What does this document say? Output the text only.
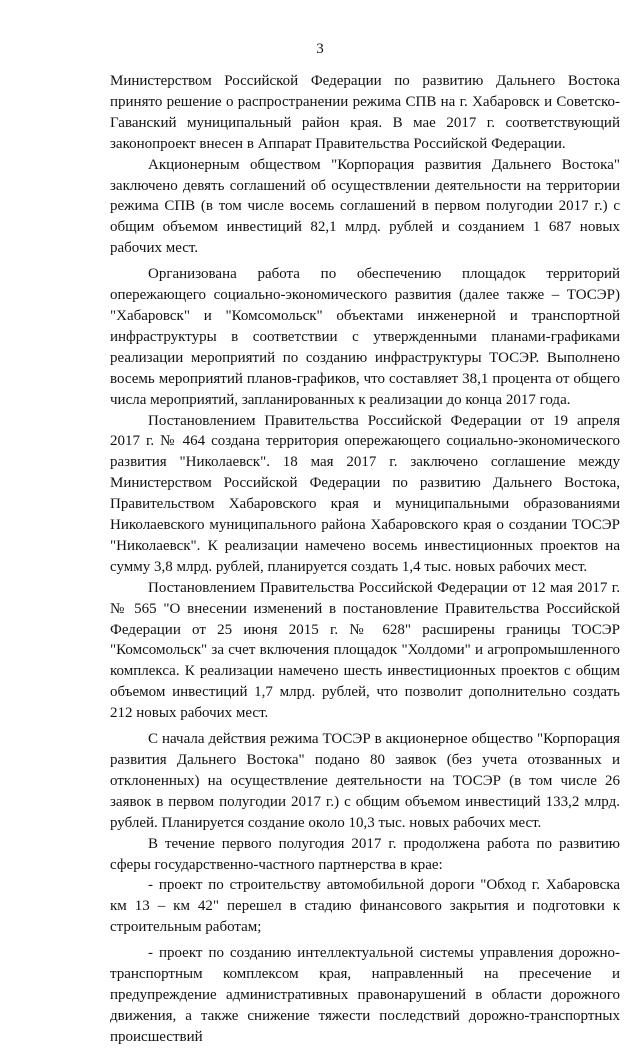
3

Министерством Российской Федерации по развитию Дальнего Востока принято решение о распространении режима СПВ на г. Хабаровск и Советско-Гаванский муниципальный район края. В мае 2017 г. соответствующий законопроект внесен в Аппарат Правительства Российской Федерации.

Акционерным обществом "Корпорация развития Дальнего Востока" заключено девять соглашений об осуществлении деятельности на территории режима СПВ (в том числе восемь соглашений в первом полугодии 2017 г.) с общим объемом инвестиций 82,1 млрд. рублей и созданием 1 687 новых рабочих мест.

Организована работа по обеспечению площадок территорий опережающего социально-экономического развития (далее также – ТОСЭР) "Хабаровск" и "Комсомольск" объектами инженерной и транспортной инфраструктуры в соответствии с утвержденными планами-графиками реализации мероприятий по созданию инфраструктуры ТОСЭР. Выполнено восемь мероприятий планов-графиков, что составляет 38,1 процента от общего числа мероприятий, запланированных к реализации до конца 2017 года.

Постановлением Правительства Российской Федерации от 19 апреля 2017 г. № 464 создана территория опережающего социально-экономического развития "Николаевск". 18 мая 2017 г. заключено соглашение между Министерством Российской Федерации по развитию Дальнего Востока, Правительством Хабаровского края и муниципальными образованиями Николаевского муниципального района Хабаровского края о создании ТОСЭР "Николаевск". К реализации намечено восемь инвестиционных проектов на сумму 3,8 млрд. рублей, планируется создать 1,4 тыс. новых рабочих мест.

Постановлением Правительства Российской Федерации от 12 мая 2017 г. № 565 "О внесении изменений в постановление Правительства Российской Федерации от 25 июня 2015 г. № 628" расширены границы ТОСЭР "Комсомольск" за счет включения площадок "Холдоми" и агропромышленного комплекса. К реализации намечено шесть инвестиционных проектов с общим объемом инвестиций 1,7 млрд. рублей, что позволит дополнительно создать 212 новых рабочих мест.

С начала действия режима ТОСЭР в акционерное общество "Корпорация развития Дальнего Востока" подано 80 заявок (без учета отозванных и отклоненных) на осуществление деятельности на ТОСЭР (в том числе 26 заявок в первом полугодии 2017 г.) с общим объемом инвестиций 133,2 млрд. рублей. Планируется создание около 10,3 тыс. новых рабочих мест.

В течение первого полугодия 2017 г. продолжена работа по развитию сферы государственно-частного партнерства в крае:

- проект по строительству автомобильной дороги "Обход г. Хабаровска км 13 – км 42" перешел в стадию финансового закрытия и подготовки к строительным работам;

- проект по созданию интеллектуальной системы управления дорожно-транспортным комплексом края, направленный на пресечение и предупреждение административных правонарушений в области дорожного движения, а также снижение тяжести последствий дорожно-транспортных происшествий
